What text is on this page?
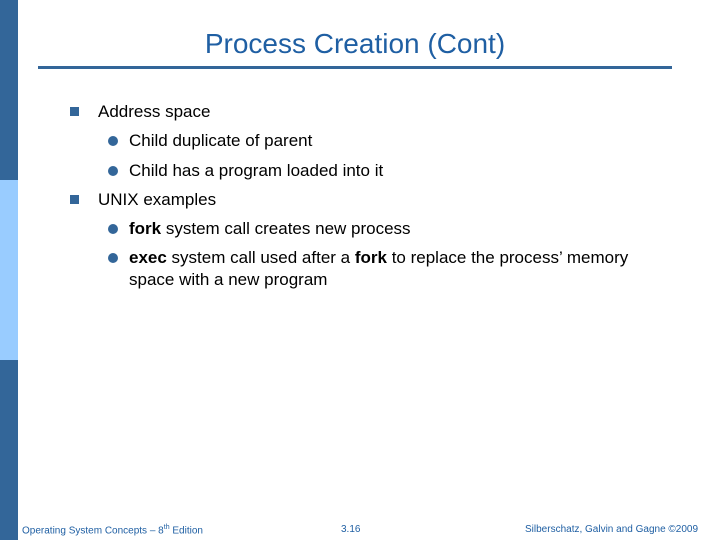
Process Creation (Cont)
Address space
Child duplicate of parent
Child has a program loaded into it
UNIX examples
fork system call creates new process
exec system call used after a fork to replace the process’ memory
space with a new program
Operating System Concepts – 8th Edition	3.16	Silberschatz, Galvin and Gagne ©2009
